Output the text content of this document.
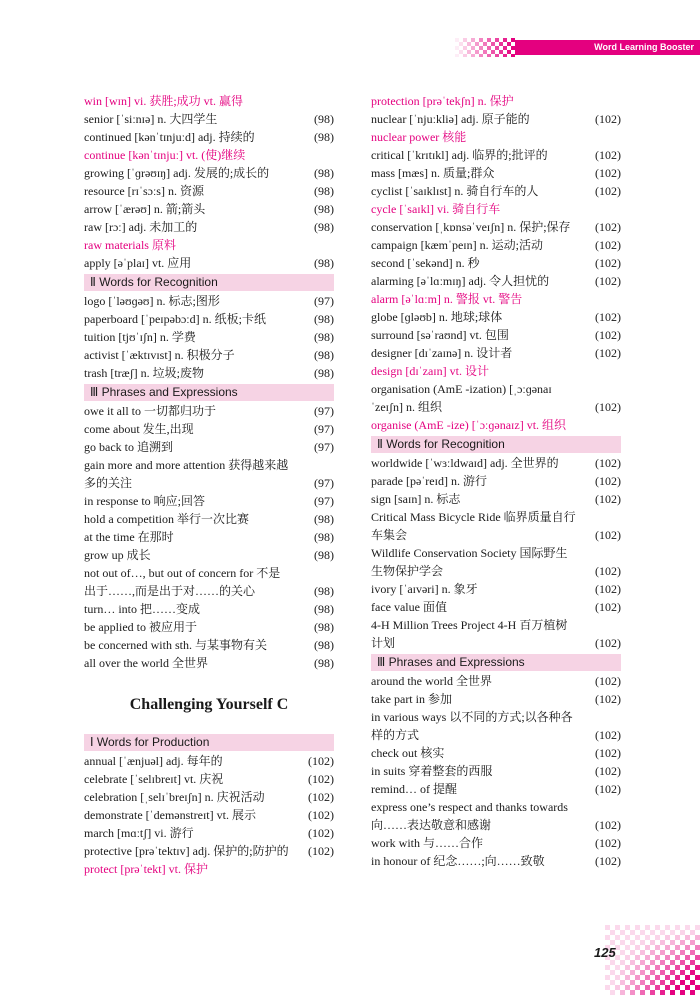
Word Learning Booster
win [wɪn] vi. 获胜;成功 vt. 赢得
senior [ˈsiːnɪə] n. 大四学生	(98)
continued [kənˈtɪnjuːd] adj. 持续的	(98)
continue [kənˈtɪnjuː] vt. (使)继续
growing [ˈɡrəʊɪŋ] adj. 发展的;成长的	(98)
resource [rɪˈsɔːs] n. 资源	(98)
arrow [ˈærəʊ] n. 箭;箭头	(98)
raw [rɔː] adj. 未加工的	(98)
raw materials 原料
apply [əˈplaɪ] vt. 应用	(98)
Ⅱ Words for Recognition
logo [ˈləʊɡəʊ] n. 标志;图形	(97)
paperboard [ˈpeɪpəbɔːd] n. 纸板;卡纸	(98)
tuition [tjʊˈɪʃn] n. 学费	(98)
activist [ˈæktɪvɪst] n. 积极分子	(98)
trash [træʃ] n. 垃圾;废物	(98)
Ⅲ Phrases and Expressions
owe it all to 一切都归功于	(97)
come about 发生,出现	(97)
go back to 追溯到	(97)
gain more and more attention 获得越来越多的关注	(97)
in response to 响应;回答	(97)
hold a competition 举行一次比赛	(98)
at the time 在那时	(98)
grow up 成长	(98)
not out of…, but out of concern for 不是出于……,而是出于对……的关心	(98)
turn… into 把……变成	(98)
be applied to 被应用于	(98)
be concerned with sth. 与某事物有关	(98)
all over the world 全世界	(98)
Challenging Yourself C
Ⅰ Words for Production
annual [ˈænjuəl] adj. 每年的	(102)
celebrate [ˈselɪbreɪt] vt. 庆祝	(102)
celebration [ˌselɪˈbreɪʃn] n. 庆祝活动	(102)
demonstrate [ˈdemənstreɪt] vt. 展示	(102)
march [mɑːtʃ] vi. 游行	(102)
protective [prəˈtektɪv] adj. 保护的;防护的 (102)
protect [prəˈtekt] vt. 保护
protection [prəˈtekʃn] n. 保护
nuclear [ˈnjuːkliə] adj. 原子能的	(102)
nuclear power 核能
critical [ˈkrɪtɪkl] adj. 临界的;批评的	(102)
mass [mæs] n. 质量;群众	(102)
cyclist [ˈsaɪklɪst] n. 骑自行车的人	(102)
cycle [ˈsaɪkl] vi. 骑自行车
conservation [ˌkɒnsəˈveɪʃn] n. 保护;保存 (102)
campaign [kæmˈpeɪn] n. 运动;活动	(102)
second [ˈsekənd] n. 秒	(102)
alarming [əˈlɑːmɪŋ] adj. 令人担忧的	(102)
alarm [əˈlɑːm] n. 警报 vt. 警告
globe [ɡləʊb] n. 地球;球体	(102)
surround [səˈraʊnd] vt. 包围	(102)
designer [dɪˈzaɪnə] n. 设计者	(102)
design [dɪˈzaɪn] vt. 设计
organisation (AmE -ization) [ˌɔːɡənaɪˈzeɪʃn] n. 组织	(102)
organise (AmE -ize) [ˈɔːɡənaɪz] vt. 组织
Ⅱ Words for Recognition
worldwide [ˈwɜːldwaɪd] adj. 全世界的	(102)
parade [pəˈreɪd] n. 游行	(102)
sign [saɪn] n. 标志	(102)
Critical Mass Bicycle Ride 临界质量自行车集会	(102)
Wildlife Conservation Society 国际野生生物保护学会	(102)
ivory [ˈaɪvəri] n. 象牙	(102)
face value 面值	(102)
4-H Million Trees Project 4-H 百万植树计划	(102)
Ⅲ Phrases and Expressions
around the world 全世界	(102)
take part in 参加	(102)
in various ways 以不同的方式;以各种各样的方式	(102)
check out 核实	(102)
in suits 穿着整套的西服	(102)
remind… of 提醒	(102)
express one’s respect and thanks towards 向……表达敬意和感谢	(102)
work with 与……合作	(102)
in honour of 纪念……;向……致敬	(102)
125
